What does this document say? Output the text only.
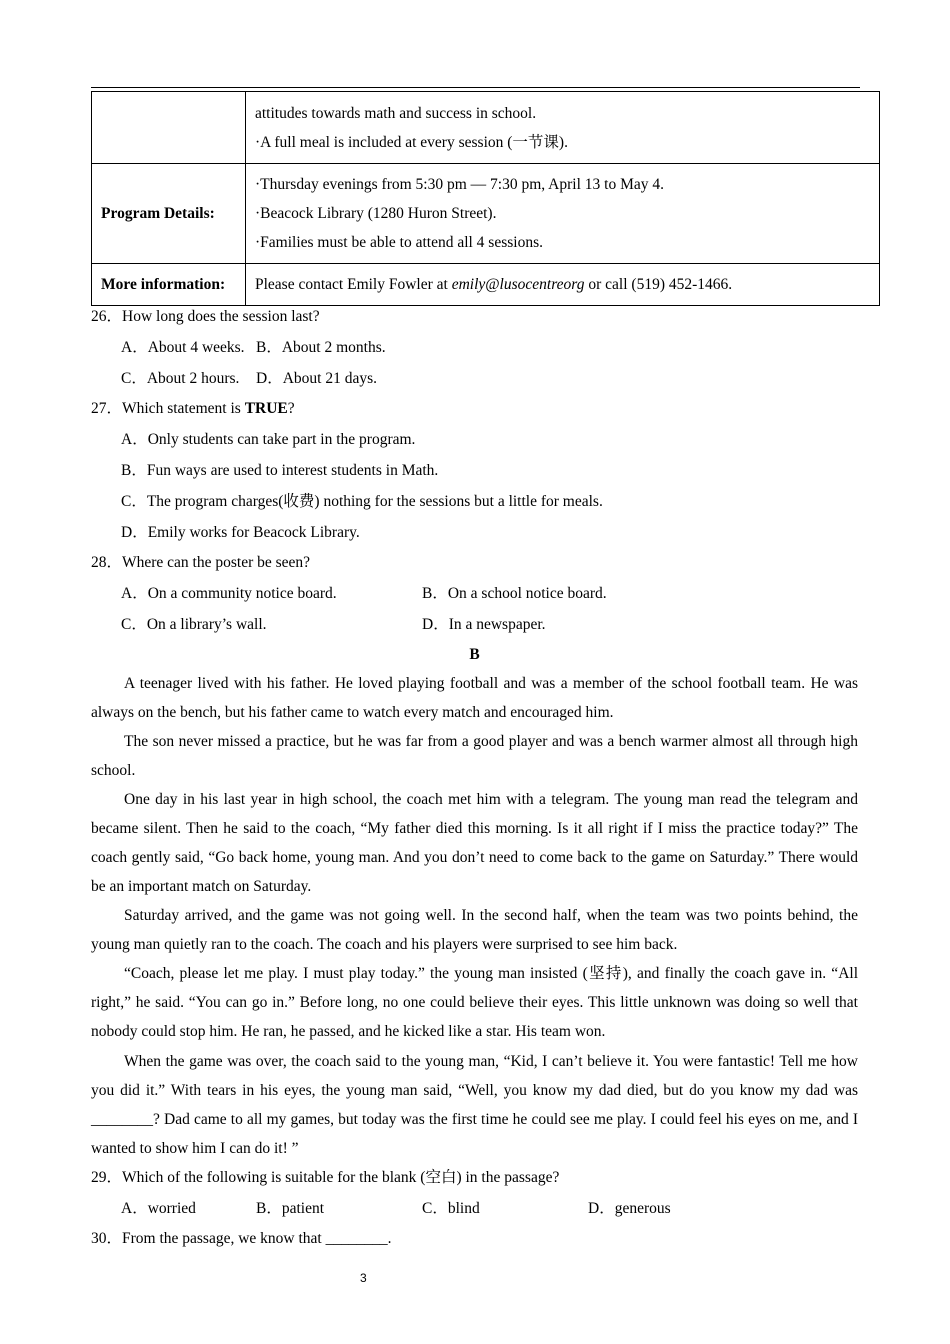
	attitudes towards math and success in school.
·A full meal is included at every session (一节课).

Program Details:	·Thursday evenings from 5:30 pm — 7:30 pm, April 13 to May 4.
·Beacock Library (1280 Huron Street).
·Families must be able to attend all 4 sessions.

More information:	Please contact Emily Fowler at emily@lusocentreorg or call (519) 452-1466.
26．How long does the session last?
A．About 4 weeks. B．About 2 months.
C．About 2 hours. D．About 21 days.
27．Which statement is TRUE?
A．Only students can take part in the program.
B．Fun ways are used to interest students in Math.
C．The program charges(收费) nothing for the sessions but a little for meals.
D．Emily works for Beacock Library.
28．Where can the poster be seen?
A．On a community notice board.	B．On a school notice board.
C．On a library’s wall.	D．In a newspaper.
B

A teenager lived with his father. He loved playing football and was a member of the school football team. He was always on the bench, but his father came to watch every match and encouraged him.

The son never missed a practice, but he was far from a good player and was a bench warmer almost all through high school.

One day in his last year in high school, the coach met him with a telegram. The young man read the telegram and became silent. Then he said to the coach, “My father died this morning. Is it all right if I miss the practice today?” The coach gently said, “Go back home, young man. And you don’t need to come back to the game on Saturday.” There would be an important match on Saturday.

Saturday arrived, and the game was not going well. In the second half, when the team was two points behind, the young man quietly ran to the coach. The coach and his players were surprised to see him back.

“Coach, please let me play. I must play today.” the young man insisted (坚持), and finally the coach gave in. “All right,” he said. “You can go in.” Before long, no one could believe their eyes. This little unknown was doing so well that nobody could stop him. He ran, he passed, and he kicked like a star. His team won.

When the game was over, the coach said to the young man, “Kid, I can’t believe it. You were fantastic! Tell me how you did it.” With tears in his eyes, the young man said, “Well, you know my dad died, but do you know my dad was ________? Dad came to all my games, but today was the first time he could see me play. I could feel his eyes on me, and I wanted to show him I can do it! ”

29．Which of the following is suitable for the blank (空白) in the passage?
A．worried	B．patient	C．blind	D．generous
30．From the passage, we know that ________.
3
